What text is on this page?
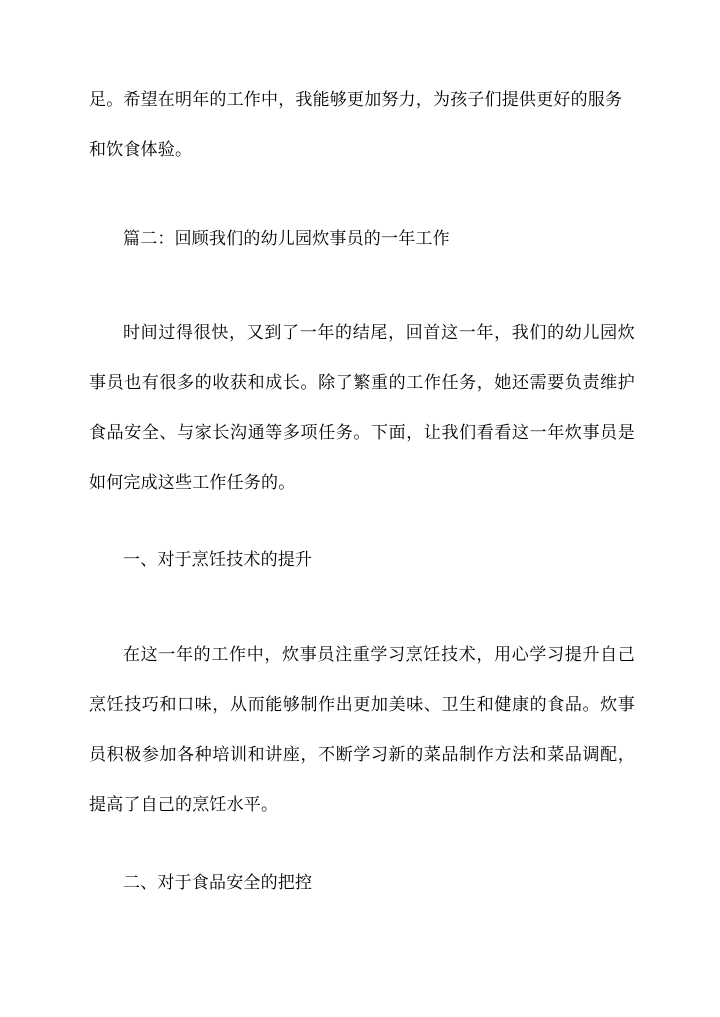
足。希望在明年的工作中，我能够更加努力，为孩子们提供更好的服务和饮食体验。

篇二：回顾我们的幼儿园炊事员的一年工作

时间过得很快，又到了一年的结尾，回首这一年，我们的幼儿园炊事员也有很多的收获和成长。除了繁重的工作任务，她还需要负责维护食品安全、与家长沟通等多项任务。下面，让我们看看这一年炊事员是如何完成这些工作任务的。

一、对于烹饪技术的提升

在这一年的工作中，炊事员注重学习烹饪技术，用心学习提升自己烹饪技巧和口味，从而能够制作出更加美味、卫生和健康的食品。炊事员积极参加各种培训和讲座，不断学习新的菜品制作方法和菜品调配，提高了自己的烹饪水平。

二、对于食品安全的把控
